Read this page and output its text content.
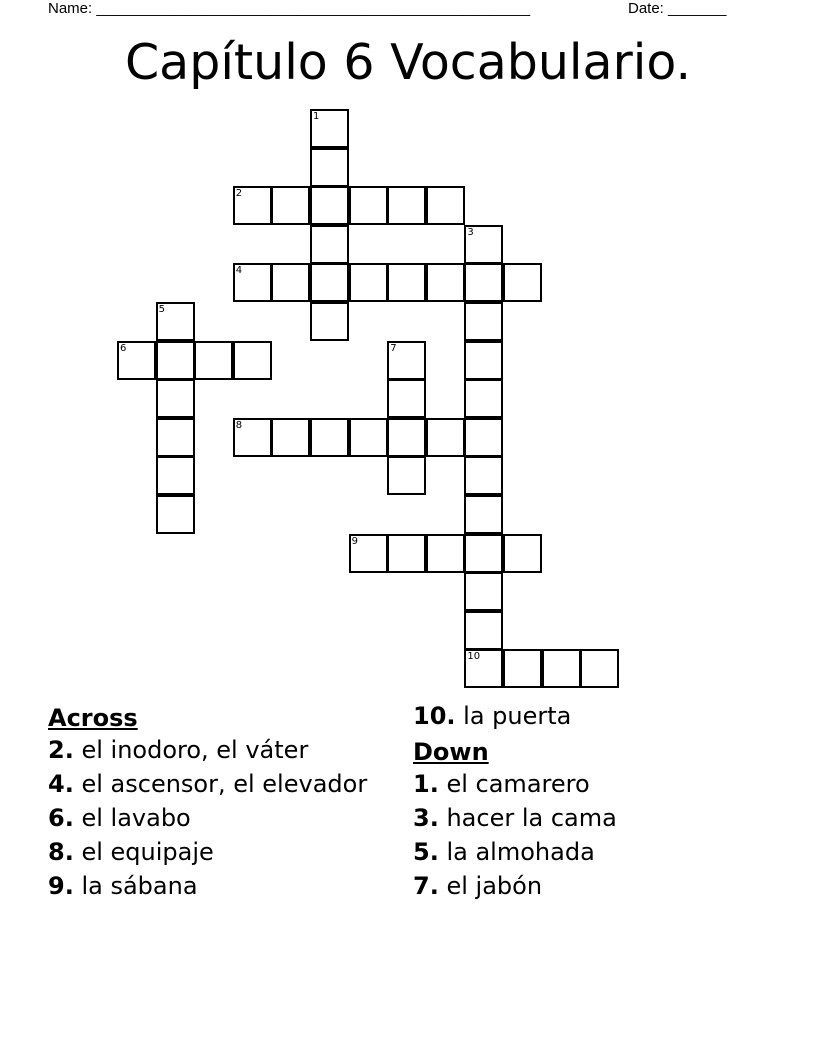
Name: ____________________________________________________	Date: _______
Capítulo 6 Vocabulario.
1
2
3
10
4
5
6	7
8
9
Across
2. el inodoro, el váter
4. el ascensor, el elevador
6. el lavabo
8. el equipaje
9. la sábana
10. la puerta
Down
1. el camarero
3. hacer la cama
5. la almohada
7. el jabón
